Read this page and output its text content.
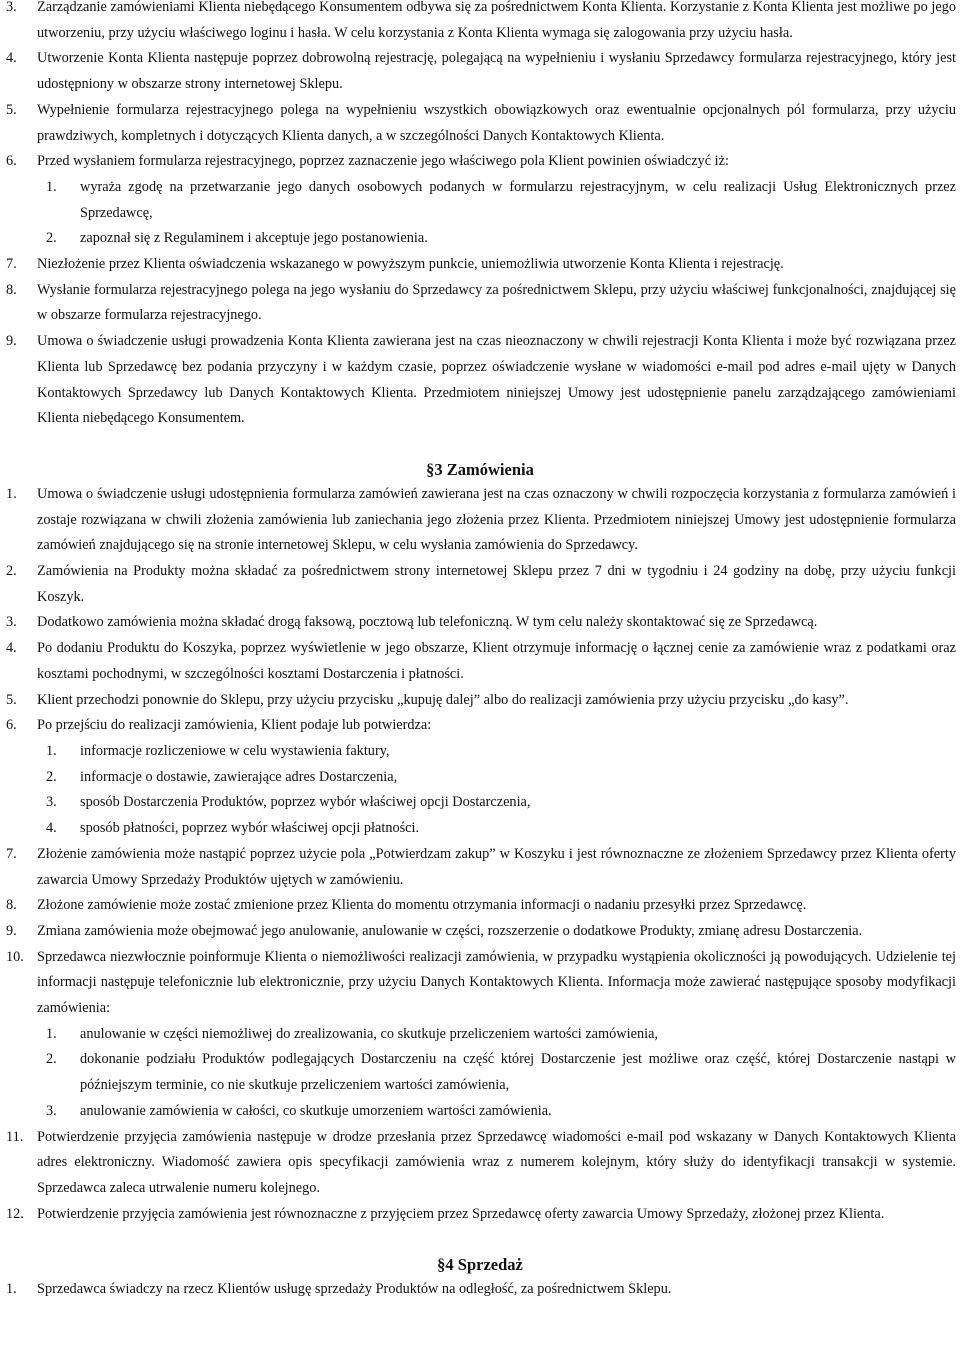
3. Zarządzanie zamówieniami Klienta niebędącego Konsumentem odbywa się za pośrednictwem Konta Klienta. Korzystanie z Konta Klienta jest możliwe po jego utworzeniu, przy użyciu właściwego loginu i hasła. W celu korzystania z Konta Klienta wymaga się zalogowania przy użyciu hasła.
4. Utworzenie Konta Klienta następuje poprzez dobrowolną rejestrację, polegającą na wypełnieniu i wysłaniu Sprzedawcy formularza rejestracyjnego, który jest udostępniony w obszarze strony internetowej Sklepu.
5. Wypełnienie formularza rejestracyjnego polega na wypełnieniu wszystkich obowiązkowych oraz ewentualnie opcjonalnych pól formularza, przy użyciu prawdziwych, kompletnych i dotyczących Klienta danych, a w szczególności Danych Kontaktowych Klienta.
6. Przed wysłaniem formularza rejestracyjnego, poprzez zaznaczenie jego właściwego pola Klient powinien oświadczyć iż:
1. wyraża zgodę na przetwarzanie jego danych osobowych podanych w formularzu rejestracyjnym, w celu realizacji Usług Elektronicznych przez Sprzedawcę,
2. zapoznał się z Regulaminem i akceptuje jego postanowienia.
7. Niezłożenie przez Klienta oświadczenia wskazanego w powyższym punkcie, uniemożliwia utworzenie Konta Klienta i rejestrację.
8. Wysłanie formularza rejestracyjnego polega na jego wysłaniu do Sprzedawcy za pośrednictwem Sklepu, przy użyciu właściwej funkcjonalności, znajdującej się w obszarze formularza rejestracyjnego.
9. Umowa o świadczenie usługi prowadzenia Konta Klienta zawierana jest na czas nieoznaczony w chwili rejestracji Konta Klienta i może być rozwiązana przez Klienta lub Sprzedawcę bez podania przyczyny i w każdym czasie, poprzez oświadczenie wysłane w wiadomości e-mail pod adres e-mail ujęty w Danych Kontaktowych Sprzedawcy lub Danych Kontaktowych Klienta. Przedmiotem niniejszej Umowy jest udostępnienie panelu zarządzającego zamówieniami Klienta niebędącego Konsumentem.
§3 Zamówienia
1. Umowa o świadczenie usługi udostępnienia formularza zamówień zawierana jest na czas oznaczony w chwili rozpoczęcia korzystania z formularza zamówień i zostaje rozwiązana w chwili złożenia zamówienia lub zaniechania jego złożenia przez Klienta. Przedmiotem niniejszej Umowy jest udostępnienie formularza zamówień znajdującego się na stronie internetowej Sklepu, w celu wysłania zamówienia do Sprzedawcy.
2. Zamówienia na Produkty można składać za pośrednictwem strony internetowej Sklepu przez 7 dni w tygodniu i 24 godziny na dobę, przy użyciu funkcji Koszyk.
3. Dodatkowo zamówienia można składać drogą faksową, pocztową lub telefoniczną. W tym celu należy skontaktować się ze Sprzedawcą.
4. Po dodaniu Produktu do Koszyka, poprzez wyświetlenie w jego obszarze, Klient otrzymuje informację o łącznej cenie za zamówienie wraz z podatkami oraz kosztami pochodnymi, w szczególności kosztami Dostarczenia i płatności.
5. Klient przechodzi ponownie do Sklepu, przy użyciu przycisku „kupuję dalej” albo do realizacji zamówienia przy użyciu przycisku „do kasy”.
6. Po przejściu do realizacji zamówienia, Klient podaje lub potwierdza:
1. informacje rozliczeniowe w celu wystawienia faktury,
2. informacje o dostawie, zawierające adres Dostarczenia,
3. sposób Dostarczenia Produktów, poprzez wybór właściwej opcji Dostarczenia,
4. sposób płatności, poprzez wybór właściwej opcji płatności.
7. Złożenie zamówienia może nastąpić poprzez użycie pola „Potwierdzam zakup” w Koszyku i jest równoznaczne ze złożeniem Sprzedawcy przez Klienta oferty zawarcia Umowy Sprzedaży Produktów ujętych w zamówieniu.
8. Złożone zamówienie może zostać zmienione przez Klienta do momentu otrzymania informacji o nadaniu przesyłki przez Sprzedawcę.
9. Zmiana zamówienia może obejmować jego anulowanie, anulowanie w części, rozszerzenie o dodatkowe Produkty, zmianę adresu Dostarczenia.
10. Sprzedawca niezwłocznie poinformuje Klienta o niemożliwości realizacji zamówienia, w przypadku wystąpienia okoliczności ją powodujących. Udzielenie tej informacji następuje telefonicznie lub elektronicznie, przy użyciu Danych Kontaktowych Klienta. Informacja może zawierać następujące sposoby modyfikacji zamówienia:
1. anulowanie w części niemożliwej do zrealizowania, co skutkuje przeliczeniem wartości zamówienia,
2. dokonanie podziału Produktów podlegających Dostarczeniu na część której Dostarczenie jest możliwe oraz część, której Dostarczenie nastąpi w późniejszym terminie, co nie skutkuje przeliczeniem wartości zamówienia,
3. anulowanie zamówienia w całości, co skutkuje umorzeniem wartości zamówienia.
11. Potwierdzenie przyjęcia zamówienia następuje w drodze przesłania przez Sprzedawcę wiadomości e-mail pod wskazany w Danych Kontaktowych Klienta adres elektroniczny. Wiadomość zawiera opis specyfikacji zamówienia wraz z numerem kolejnym, który służy do identyfikacji transakcji w systemie. Sprzedawca zaleca utrwalenie numeru kolejnego.
12. Potwierdzenie przyjęcia zamówienia jest równoznaczne z przyjęciem przez Sprzedawcę oferty zawarcia Umowy Sprzedaży, złożonej przez Klienta.
§4 Sprzedaż
1. Sprzedawca świadczy na rzecz Klientów usługę sprzedaży Produktów na odległość, za pośrednictwem Sklepu.
